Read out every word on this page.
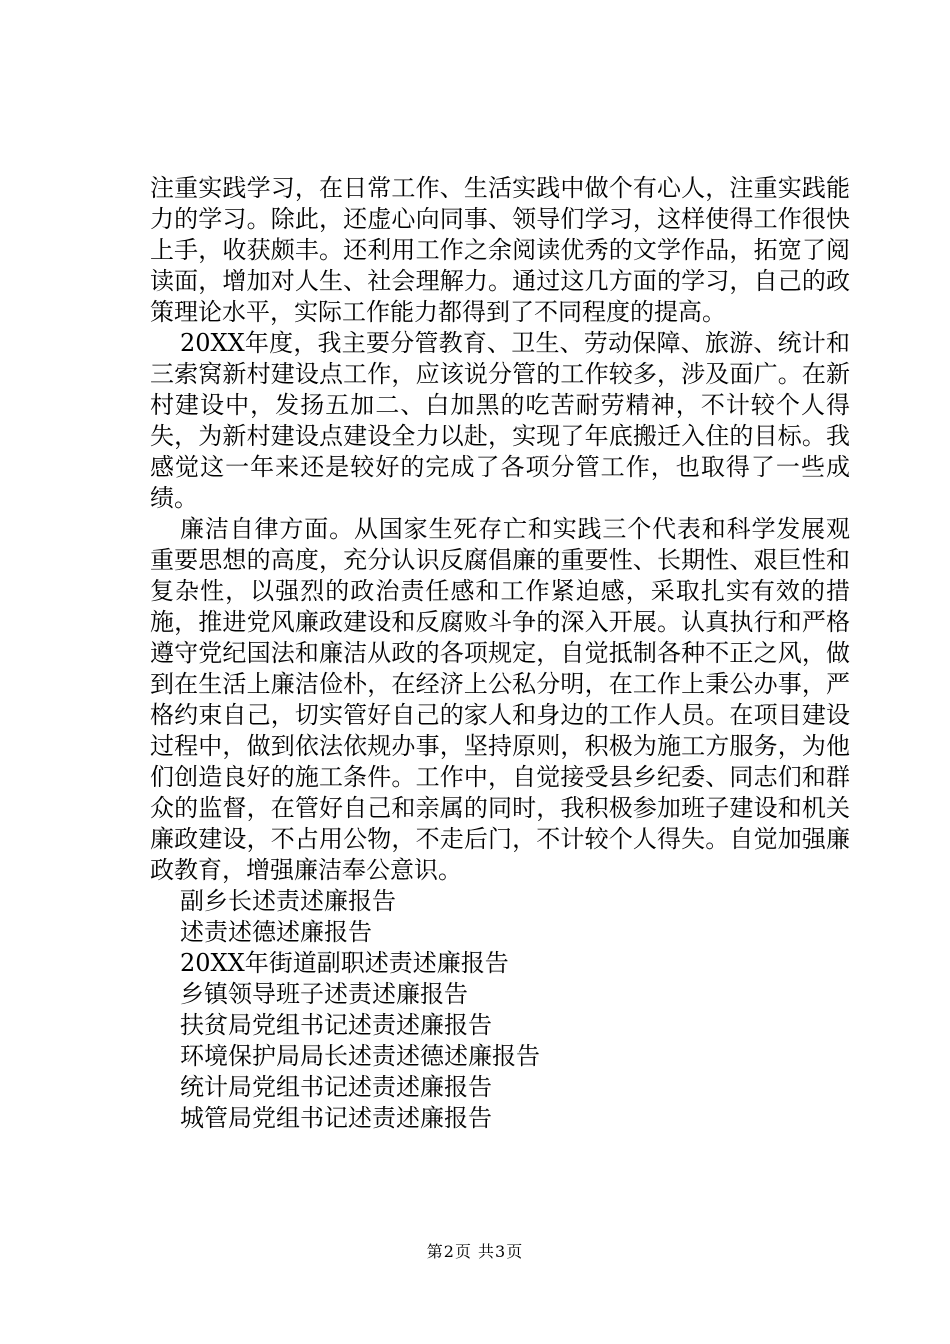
注重实践学习，在日常工作、生活实践中做个有心人，注重实践能力的学习。除此，还虚心向同事、领导们学习，这样使得工作很快上手，收获颇丰。还利用工作之余阅读优秀的文学作品，拓宽了阅读面，增加对人生、社会理解力。通过这几方面的学习，自己的政策理论水平，实际工作能力都得到了不同程度的提高。

20XX年度，我主要分管教育、卫生、劳动保障、旅游、统计和三索窝新村建设点工作，应该说分管的工作较多，涉及面广。在新村建设中，发扬五加二、白加黑的吃苦耐劳精神，不计较个人得失，为新村建设点建设全力以赴，实现了年底搬迁入住的目标。我感觉这一年来还是较好的完成了各项分管工作，也取得了一些成绩。

廉洁自律方面。从国家生死存亡和实践三个代表和科学发展观重要思想的高度，充分认识反腐倡廉的重要性、长期性、艰巨性和复杂性，以强烈的政治责任感和工作紧迫感，采取扎实有效的措施，推进党风廉政建设和反腐败斗争的深入开展。认真执行和严格遵守党纪国法和廉洁从政的各项规定，自觉抵制各种不正之风，做到在生活上廉洁俭朴，在经济上公私分明，在工作上秉公办事，严格约束自己，切实管好自己的家人和身边的工作人员。在项目建设过程中，做到依法依规办事，坚持原则，积极为施工方服务，为他们创造良好的施工条件。工作中，自觉接受县乡纪委、同志们和群众的监督，在管好自己和亲属的同时，我积极参加班子建设和机关廉政建设，不占用公物，不走后门，不计较个人得失。自觉加强廉政教育，增强廉洁奉公意识。

副乡长述责述廉报告
述责述德述廉报告
20XX年街道副职述责述廉报告
乡镇领导班子述责述廉报告
扶贫局党组书记述责述廉报告
环境保护局局长述责述德述廉报告
统计局党组书记述责述廉报告
城管局党组书记述责述廉报告
第2页 共3页
